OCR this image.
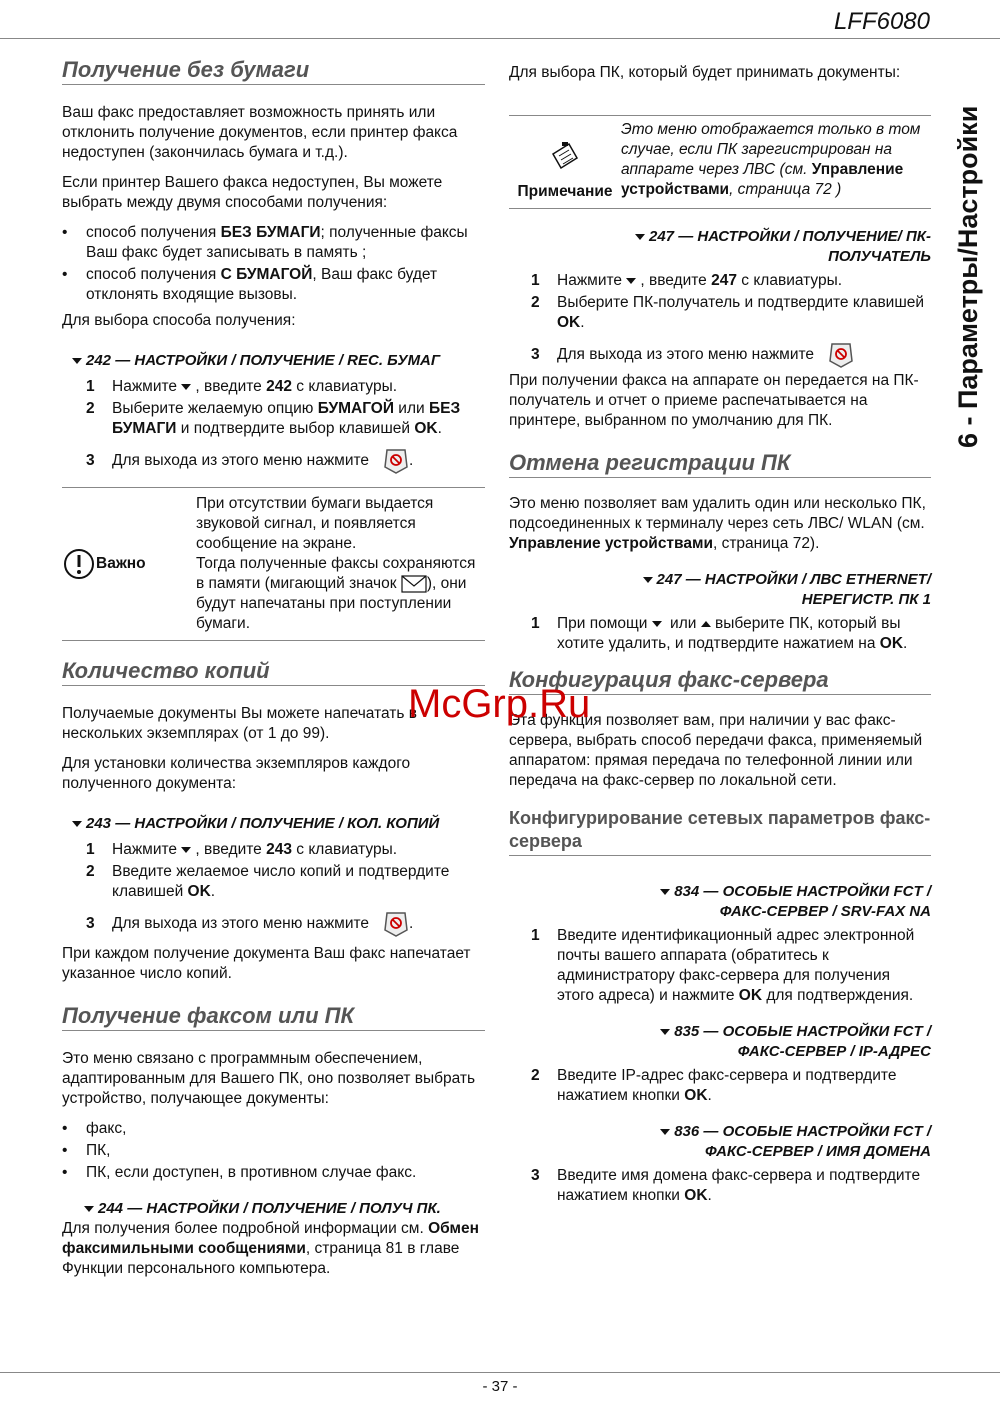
LFF6080
6 - Параметры/Настройки
Получение без бумаги

Ваш факс предоставляет возможность принять или отклонить получение документов, если принтер факса недоступен (закончилась бумага и т.д.).

Если принтер Вашего факса недоступен, Вы можете выбрать между двумя способами получения:

• способ получения БЕЗ БУМАГИ; полученные факсы Ваш факс будет записывать в память ;
• способ получения С БУМАГОЙ, Ваш факс будет отклонять входящие вызовы.

Для выбора способа получения:

242 — НАСТРОЙКИ / ПОЛУЧЕНИЕ / REC. БУМАГ
1	Нажмите , введите 242 с клавиатуры.
2	Выберите желаемую опцию БУМАГОЙ или БЕЗ БУМАГИ и подтвердите выбор клавишей OK.
3	Для выхода из этого меню нажмите	.
Важно
При отсутствии бумаги выдается звуковой сигнал, и появляется сообщение на экране.
Тогда полученные факсы сохраняются в памяти (мигающий значок ), они будут напечатаны при поступлении бумаги.
Количество копий

Получаемые документы Вы можете напечатать в нескольких экземплярах (от 1 до 99).

Для установки количества экземпляров каждого полученного документа:

243 — НАСТРОЙКИ / ПОЛУЧЕНИЕ / КОЛ. КОПИЙ
1	Нажмите , введите 243 с клавиатуры.
2	Введите желаемое число копий и подтвердите клавишей OK.
3	Для выхода из этого меню нажмите	.

При каждом получение документа Ваш факс напечатает указанное число копий.

Получение факсом или ПК

Это меню связано с программным обеспечением, адаптированным для Вашего ПК, оно позволяет выбрать устройство, получающее документы:

• факс,
• ПК,
• ПК, если доступен, в противном случае факс.
244 — НАСТРОЙКИ / ПОЛУЧЕНИЕ / ПОЛУЧ ПК.

Для получения более подробной информации см. Обмен факсимильными сообщениями, страница 81 в главе Функции персонального компьютера.

Для выбора ПК, который будет принимать документы:

Примечание
Это меню отображается только в том случае, если ПК зарегистрирован на аппарате через ЛВС (см. Управление устройствами, страница 72 )
247 — НАСТРОЙКИ / ПОЛУЧЕНИЕ/ ПК-
ПОЛУЧАТЕЛЬ
1	Нажмите , введите 247 с клавиатуры.
2	Выберите ПК-получатель и подтвердите клавишей OK.
3	Для выхода из этого меню нажмите

При получении факса на аппарате он передается на ПК-получатель и отчет о приеме распечатывается на принтере, выбранном по умолчанию для ПК.

Отмена регистрации ПК

Это меню позволяет вам удалить один или несколько ПК, подсоединенных к терминалу через сеть ЛВС/ WLAN (см. Управление устройствами, страница 72).

247 — НАСТРОЙКИ / ЛВС ETHERNET/
НЕРЕГИСТР. ПК 1
1	При помощи  или  выберите ПК, который вы хотите удалить, и подтвердите нажатием на OK.
Конфигурация факс-сервера

Эта функция позволяет вам, при наличии у вас факс-сервера, выбрать способ передачи факса, применяемый аппаратом: прямая передача по телефонной линии или передача на факс-сервер по локальной сети.

Конфигурирование сетевых параметров факс-сервера
834 — ОСОБЫЕ НАСТРОЙКИ FCT /
ФАКС-СЕРВЕР / SRV-FAX NA
1	Введите идентификационный адрес электронной почты вашего аппарата (обратитесь к администратору факс-сервера для получения этого адреса) и нажмите OK для подтверждения.
835 — ОСОБЫЕ НАСТРОЙКИ FCT /
ФАКС-СЕРВЕР / IP-АДРЕС
2	Введите IP-адрес факс-сервера и подтвердите нажатием кнопки OK.
836 — ОСОБЫЕ НАСТРОЙКИ FCT /
ФАКС-СЕРВЕР / ИМЯ ДОМЕНА
3	Введите имя домена факс-сервера и подтвердите нажатием кнопки OK.
McGrp.Ru
- 37 -
